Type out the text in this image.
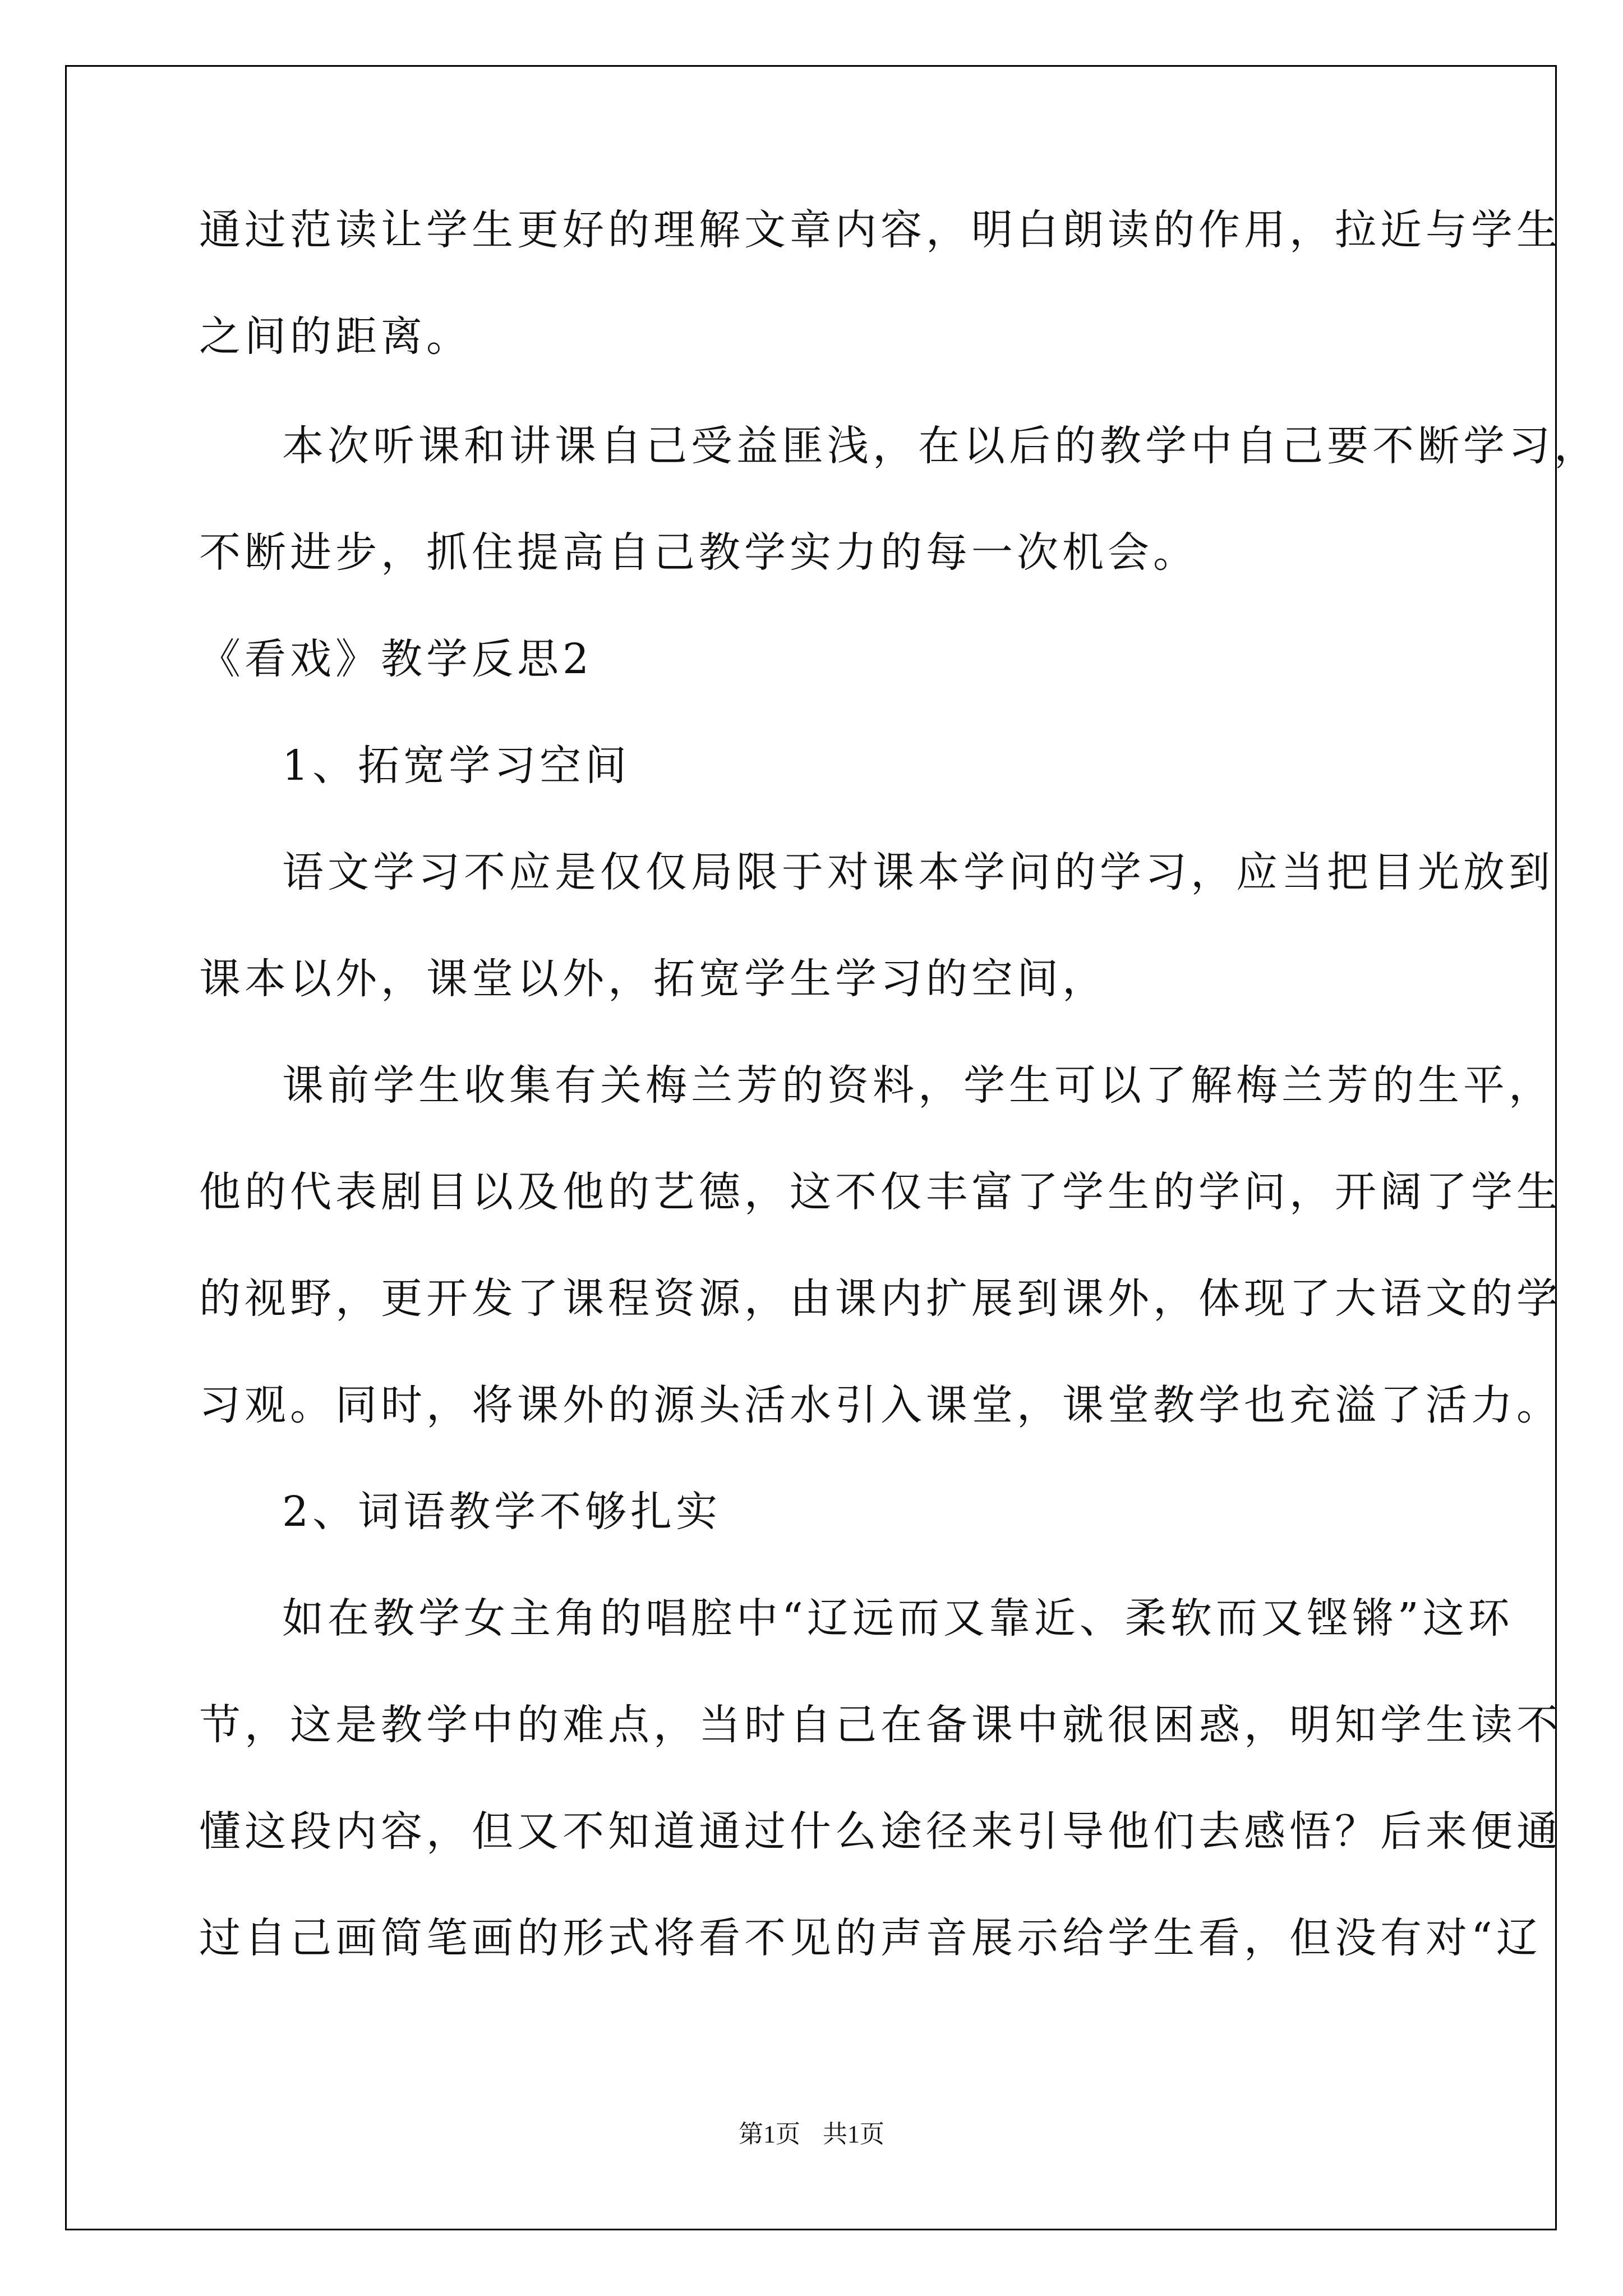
通过范读让学生更好的理解文章内容，明白朗读的作用，拉近与学生
之间的距离。
本次听课和讲课自己受益匪浅，在以后的教学中自己要不断学习，
不断进步，抓住提高自己教学实力的每一次机会。
《看戏》教学反思2
1、拓宽学习空间
语文学习不应是仅仅局限于对课本学问的学习，应当把目光放到
课本以外，课堂以外，拓宽学生学习的空间，
课前学生收集有关梅兰芳的资料，学生可以了解梅兰芳的生平，
他的代表剧目以及他的艺德，这不仅丰富了学生的学问，开阔了学生
的视野，更开发了课程资源，由课内扩展到课外，体现了大语文的学
习观。同时，将课外的源头活水引入课堂，课堂教学也充溢了活力。
2、词语教学不够扎实
如在教学女主角的唱腔中“辽远而又靠近、柔软而又铿锵”这环
节，这是教学中的难点，当时自己在备课中就很困惑，明知学生读不
懂这段内容，但又不知道通过什么途径来引导他们去感悟？后来便通
过自己画简笔画的形式将看不见的声音展示给学生看，但没有对“辽
第1页 共1页
